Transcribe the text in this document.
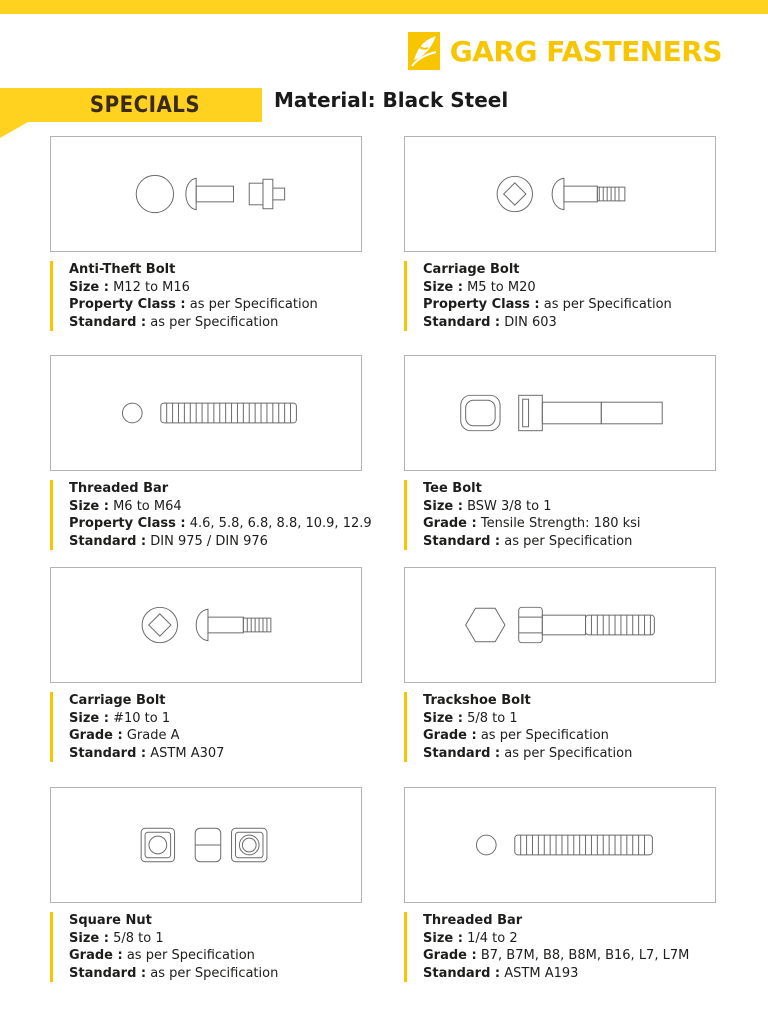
GARG FASTENERS
SPECIALS	Material: Black Steel
Anti-Theft Bolt
Size : M12 to M16
Property Class : as per Specification
Standard : as per Specification
Carriage Bolt
Size : M5 to M20
Property Class : as per Specification
Standard : DIN 603
Threaded Bar
Size : M6 to M64
Property Class : 4.6, 5.8, 6.8, 8.8, 10.9, 12.9
Standard : DIN 975 / DIN 976
Tee Bolt
Size : BSW 3/8 to 1
Grade : Tensile Strength: 180 ksi
Standard : as per Specification
Carriage Bolt
Size : #10 to 1
Grade : Grade A
Standard : ASTM A307
Trackshoe Bolt
Size : 5/8 to 1
Grade : as per Specification
Standard : as per Specification
Square Nut
Size : 5/8 to 1
Grade : as per Specification
Standard : as per Specification
Threaded Bar
Size : 1/4 to 2
Grade : B7, B7M, B8, B8M, B16, L7, L7M
Standard : ASTM A193
